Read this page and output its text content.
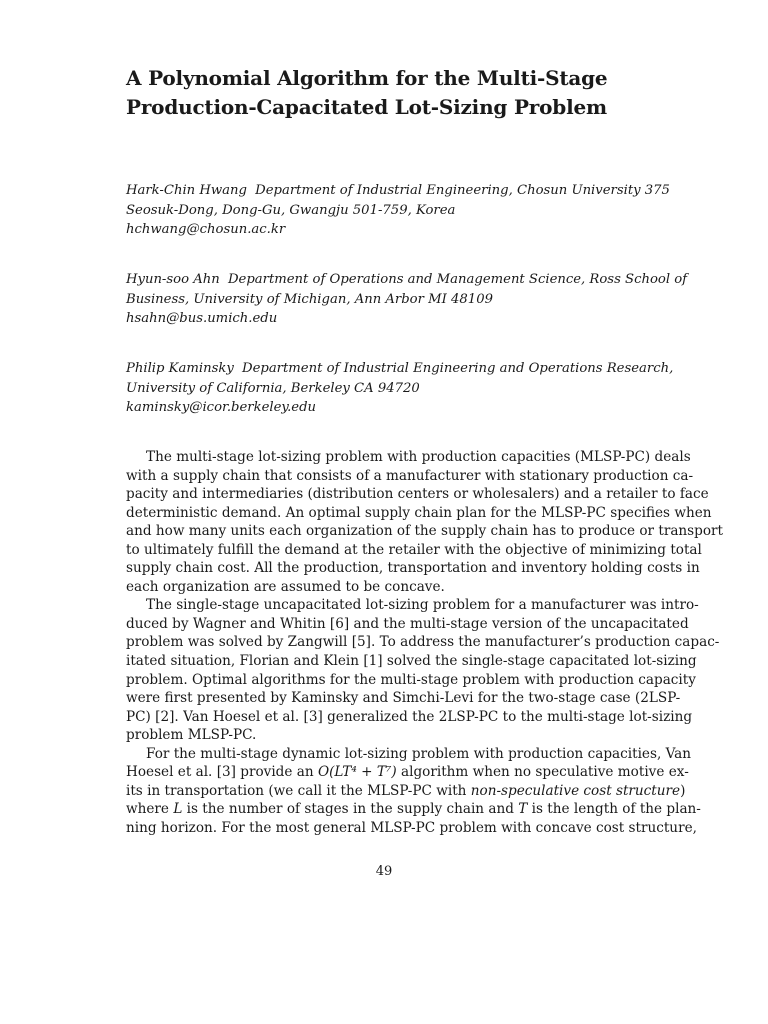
A Polynomial Algorithm for the Multi-Stage
Production-Capacitated Lot-Sizing Problem
Hark-Chin Hwang Department of Industrial Engineering, Chosun University 375
Seosuk-Dong, Dong-Gu, Gwangju 501-759, Korea
hchwang@chosun.ac.kr
Hyun-soo Ahn Department of Operations and Management Science, Ross School of
Business, University of Michigan, Ann Arbor MI 48109
hsahn@bus.umich.edu
Philip Kaminsky Department of Industrial Engineering and Operations Research,
University of California, Berkeley CA 94720
kaminsky@icor.berkeley.edu

The multi-stage lot-sizing problem with production capacities (MLSP-PC) deals
with a supply chain that consists of a manufacturer with stationary production ca-
pacity and intermediaries (distribution centers or wholesalers) and a retailer to face
deterministic demand. An optimal supply chain plan for the MLSP-PC specifies when
and how many units each organization of the supply chain has to produce or transport
to ultimately fulfill the demand at the retailer with the objective of minimizing total
supply chain cost. All the production, transportation and inventory holding costs in
each organization are assumed to be concave.

The single-stage uncapacitated lot-sizing problem for a manufacturer was intro-
duced by Wagner and Whitin [6] and the multi-stage version of the uncapacitated
problem was solved by Zangwill [5]. To address the manufacturer’s production capac-
itated situation, Florian and Klein [1] solved the single-stage capacitated lot-sizing
problem. Optimal algorithms for the multi-stage problem with production capacity
were first presented by Kaminsky and Simchi-Levi for the two-stage case (2LSP-
PC) [2]. Van Hoesel et al. [3] generalized the 2LSP-PC to the multi-stage lot-sizing
problem MLSP-PC.

For the multi-stage dynamic lot-sizing problem with production capacities, Van
Hoesel et al. [3] provide an O(LT⁴ + T⁷) algorithm when no speculative motive ex-
its in transportation (we call it the MLSP-PC with non-speculative cost structure)
where L is the number of stages in the supply chain and T is the length of the plan-
ning horizon. For the most general MLSP-PC problem with concave cost structure,

49
